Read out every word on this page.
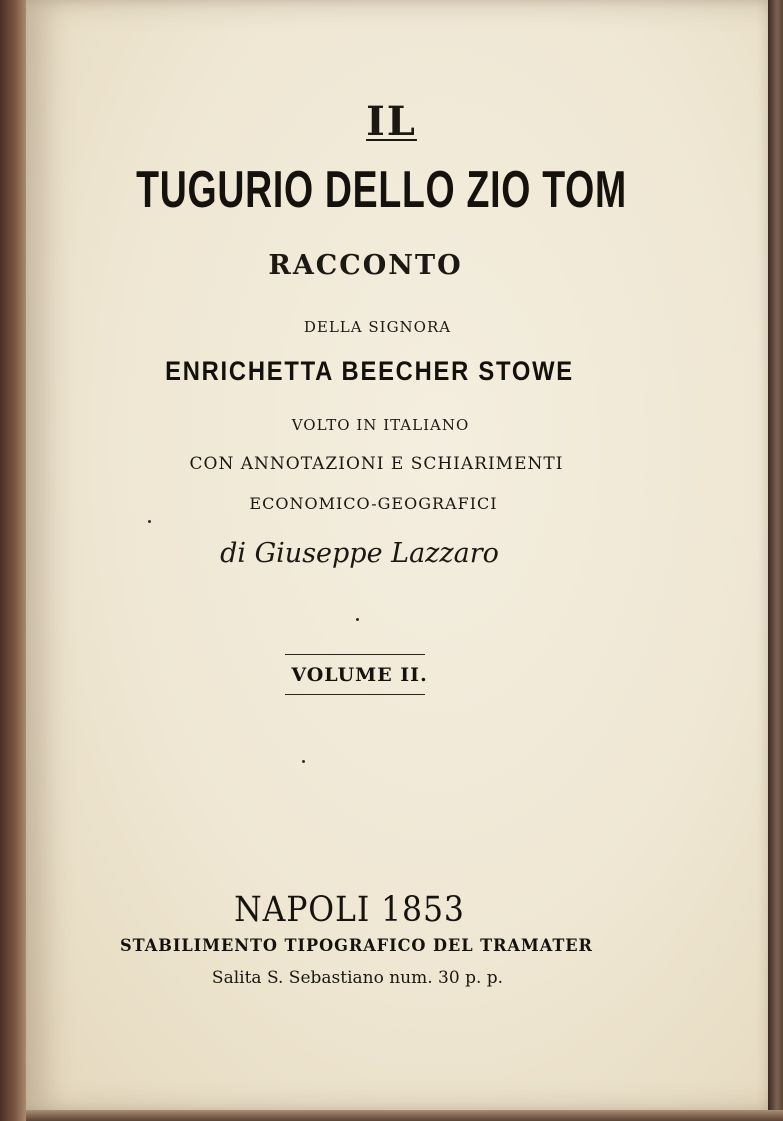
IL
TUGURIO DELLO ZIO TOM
RACCONTO
DELLA SIGNORA
ENRICHETTA BEECHER STOWE
VOLTO IN ITALIANO
CON ANNOTAZIONI E SCHIARIMENTI
ECONOMICO-GEOGRAFICI
di Giuseppe Lazzaro
VOLUME II.
NAPOLI 1853
STABILIMENTO TIPOGRAFICO DEL TRAMATER
Salita S. Sebastiano num. 30 p. p.
